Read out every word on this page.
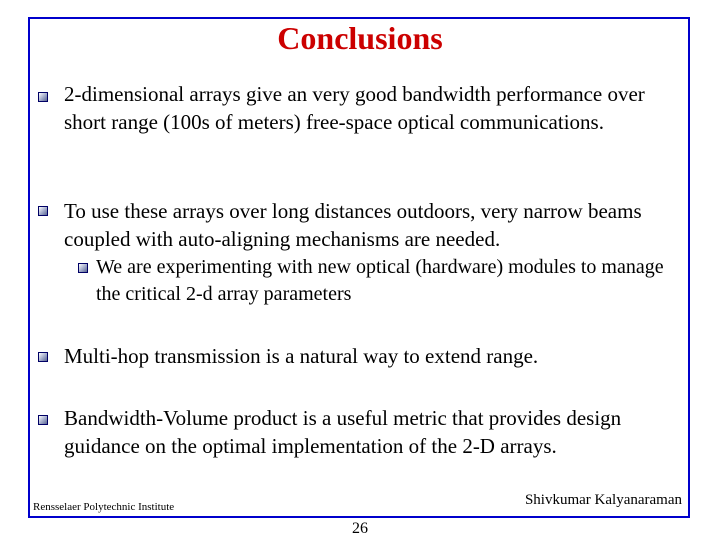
Conclusions
2-dimensional arrays give an very good bandwidth performance over short range (100s of meters) free-space optical communications.
To use these arrays over long distances outdoors, very narrow beams coupled with auto-aligning mechanisms are needed.
We are experimenting with new optical (hardware) modules to manage the critical 2-d array parameters
Multi-hop transmission is a natural way to extend range.
Bandwidth-Volume product is a useful metric that provides design guidance on the optimal implementation of the 2-D arrays.
Rensselaer Polytechnic Institute	Shivkumar Kalyanaraman
26
